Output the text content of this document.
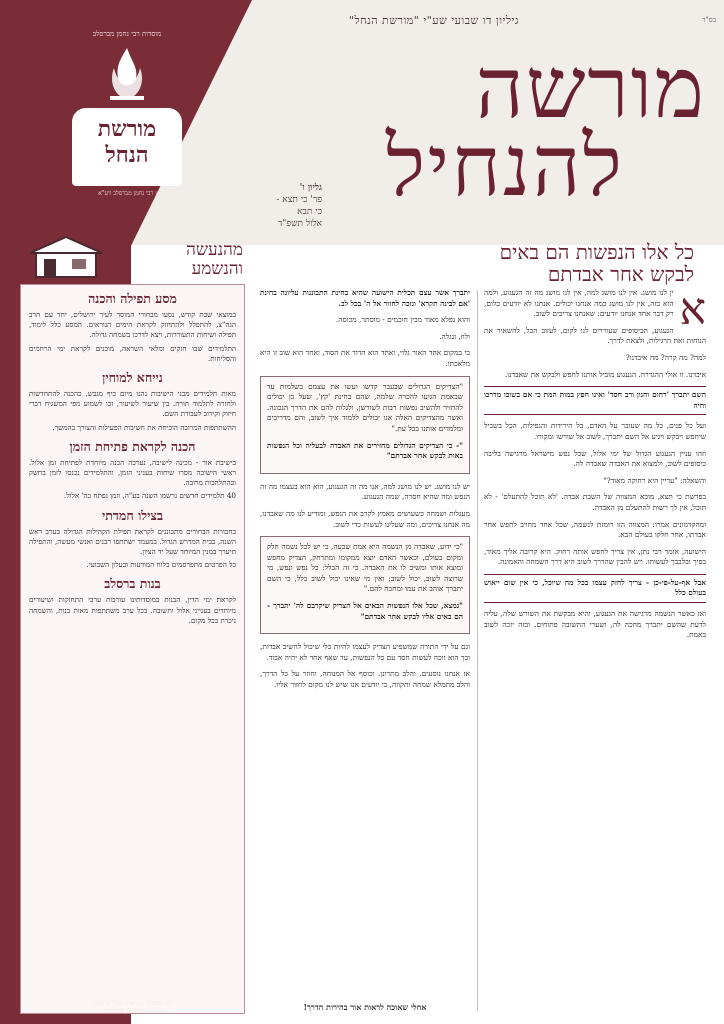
בס"ד
גיליון דו שבועי שע"י "מורשת הנחל"
מורשה
להנחיל
גליון ו'
פר' כי תצא -
כי תבא
אלול תשפ"ד
מוסדות רבי נחמן מברסלב
מורשת
הנחל
ע"ש רבי נחמן מברסלב זיע"א
מהנעשה
והנשמע
מסע תפילה והכנה

במוצאי שבת קודש, נסעו מבחורי המוסד לעיר ירושלים, יחד עם הרב הגה"צ, להתפלל ולהתחזק לקראת הימים הנוראים. המסע כלל לימוד, תפילה ושיחות התעוררות, ויצא לדרכו בשמחה גדולה.

התלמידים שבו חזקים ומלאי השראה, מוכנים לקראת ימי הרחמים והסליחות.

נייחא למוחין

מאות תלמידים מבני הישיבות נהנו מיום כיף מגבש, כהכנה להתחדשות ולחזרה לתלמוד תורה. בין שיעור לשיעור, זכו לשמוע מפי המשגיח דברי חיזוק וקירוב לעבודת השם.

ההשתתפות המרובה הוכיחה את חשיבות הפעילות והצורך בהמשך.

הכנה לקראת פתיחת הזמן

בישיבת אור - מכינה לישיבה, נערכה הכנה מיוחדת לפתיחת זמן אלול. ראשי הישיבה מסרו שיחות בעניני הזמן, והתלמידים נכנסו לזמן בחשק ובהתלהבות מרובה.

40 תלמידים חדשים נרשמו השנה בע"ה, וזמן נפתח בה' אלול.

בצילו חמדתי

בחבורות הבחורים מתכוננים לקראת תפילת הקהילות הגדולה בערב ראש השנה, בבית המדרש הגדול. במעמד ישתתפו רבנים ואנשי מעשה, והתפילה תיערך במנין המיוחד שעל יד הציון.

כל הפרטים מתפרסמים בלוח המודעות ובעלון השבועי.

בנות ברסלב

לקראת ימי הדין, הבנות במוסדותינו עורכות ערבי התחזקות ושיעורים מיוחדים בענייני אלול ותשובה. בכל ערב משתתפות מאות בנות, והשמחה ניכרת בכל מקום.

נ"ש מוסדות 'מורשת הנחל' ברסלב
מוסדות רבי נחמן מברסלב
כל אלו הנפשות הם באים
לבקש אחר אבדתם

א
ין לנו מושג. אין לנו מושג למה, אין לנו מושג מה זה הגעגוע, ולמה הוא כזה, אין לנו מושג כמה אנחנו יכולים. אנחנו לא יודעים כלום, רק דבר אחד אנחנו יודעים: שאנחנו צריכים לשוב.

הגעגוע, הכיסופים שעוררים לנו לקום, לעזוב הכל, להשאיר את הנוחות ואת הרגילות, ולצאת לדרך.

למה? מה קרה? מה איבדנו?

איבדנו. זו אולי ההגדרה. הגעגוע מוביל אותנו לחפש ולבקש את שאבדנו.

השם יתברך 'רחום וחנון ורב חסד' ואינו חפץ במות המת כי אם בשובו מדרכו וחיה

ועל כל פנים, כל מה שעובר על האדם, כל הירידות והנפילות, הכל בשביל שיחפש ויבקש ויגיע אל השם יתברך, לשוב אל שורשו ומקורו.

וזהו עניין הגעגוע הגדול של ימי אלול, שכל נפש מישראל מרגישה בליבה כיסופים לשוב, ולמצוא את האבדה שאבדה לה.

והשאלה: "עדיין היא רחוקה מאוד?"

בפרשת כי תצא, מובא המצווה של השבת אבדה. 'לא תוכל להתעלם' - לא תוכל, אין לך רשות להתעלם מן האבדה.

ומהקדמונים אמרו: המצווה הזו רומזת לנשמה, שכל אחד מחויב לחפש אחר אבדתו, אחר חלקו בעולם הבא.

הישועה, אומר רבי נתן, אין צריך לחפש אותה רחוק. היא קרובה אליך מאוד, בפיך ובלבבך לעשותו. ויש להבין שהדרך לשוב היא דרך השמחה והאמונה.

אבל אף-על-פי-כן - צריך לחזק עצמו בכל מה שיוכל, כי אין שום ייאוש בעולם כלל

ואז כאשר הנשמה מרגישה את הגעגוע, והיא מבקשת את השורש שלה, עליה לדעת שהשם יתברך מחכה לה, ושערי התשובה פתוחים. ובזה יזכה לשוב באמת.

יתברך אשר עצם תכלית הישועה שהיא בחינת התבוננות עליונה בחינת 'אם לבינה תקרא' ונזכה לחזור אל ה' בכל לב.

והוא נפלא מאוד מבין חוכמים - מוסתר, מכוסה.

ולוז, ונגלה.

כי במקום אחד האור גלוי, ואחד הוא הדוד את הסוד, ואחד הוא שוב זו היא מלאכתו.

"הצדיקים הגדולים שבעבר קדשו ועשו את עצמם בשלמות עד שבאמת הגיעו להכרה שלמה, שהם בחינת 'קץ', שעל כן יכולים להחזיר ולהשיב נפשות רבות לשורשן, ולגלות להם את הדרך הנכונה. ואשר מהצדיקים האלה אנו יכולים ללמוד איך לשוב, והם מדריכים ומלמדים אותנו בכל עת."

"- כי הצדיקים הגדולים מחזירים את האבדה לבעליה וכל הנפשות באות לבקש אחר אבדתם"

יש לנו מושג. יש לנו מושג למה, אנו מה זה הגעגוע, הוא הוא בעצמו מה זה הנפש ומה שהיא חסרה, שמה הגעגוע.

מעגלות ושמחה כשעושים מאמץ לקרב את הנפש, ומודיע לנו מה שאבדנו, מה אנחנו צריכים, ומה שעלינו לעשות כדי לשוב.

"כי ידוע, שאבדה מן הנשמה היא אמת שבעה, כי יש לכל נשמה חלק ומקום בעולם, וכאשר האדם יוצא ממקומו ומתרחק, הצדיק מחפש ומוצא אותו ומשיב לו את האבדה. כי זה הכלל: כל נפש ונפש, מי שרוצה לשוב, יכול לשוב; ואין מי שאינו יכול לשוב כלל, כי השם יתברך אוהב את עמו ומחכה להם."

"נמצא, שכל אלו הנפשות הבאים אל הצדיק שיקרבם לה' יתברך - הם באים אליו לבקש אחר אבדתם"

וגם על ידי התורה שמשפיע הצדיק לעצמו להיות כלי שיכול להשיב אבדות, וכך הוא זוכה לעשות חסד עם כל הנפשות, עד שאף אחד לא יהיה אבוד.

אז אנחנו נוסעים. והלב מתרונן. וכוסף אל המנוחה, וחוזר על כל הדרך, והלב מתמלא שמחה ותקווה, כי יודעים אנו שיש לנו מקום לחזור אליו.

אחלי שאוכה לראות אור בהירות הדרך!
